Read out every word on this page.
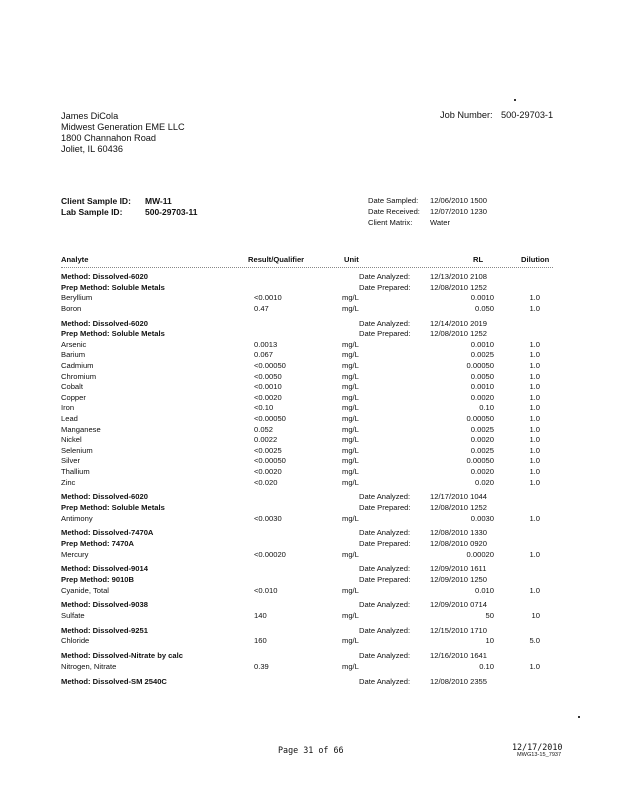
James DiCola
Midwest Generation EME LLC
1800 Channahon Road
Joliet, IL 60436
Job Number: 500-29703-1
Client Sample ID: MW-11
Lab Sample ID:	500-29703-11
Date Sampled: 12/06/2010 1500
Date Received: 12/07/2010 1230
Client Matrix: Water
Analyte	Result/Qualifier	Unit	RL	Dilution
Method: Dissolved-6020	Date Analyzed:	12/13/2010 2108
Prep Method: Soluble Metals	Date Prepared:	12/08/2010 1252
Beryllium	<0.0010	mg/L	0.0010	1.0
Boron	0.47	mg/L	0.050	1.0
Method: Dissolved-6020	Date Analyzed:	12/14/2010 2019
Prep Method: Soluble Metals	Date Prepared:	12/08/2010 1252
Arsenic	0.0013	mg/L	0.0010	1.0
Barium	0.067	mg/L	0.0025	1.0
Cadmium	<0.00050	mg/L	0.00050	1.0
Chromium	<0.0050	mg/L	0.0050	1.0
Cobalt	<0.0010	mg/L	0.0010	1.0
Copper	<0.0020	mg/L	0.0020	1.0
Iron	<0.10	mg/L	0.10	1.0
Lead	<0.00050	mg/L	0.00050	1.0
Manganese	0.052	mg/L	0.0025	1.0
Nickel	0.0022	mg/L	0.0020	1.0
Selenium	<0.0025	mg/L	0.0025	1.0
Silver	<0.00050	mg/L	0.00050	1.0
Thallium	<0.0020	mg/L	0.0020	1.0
Zinc	<0.020	mg/L	0.020	1.0
Method: Dissolved-6020	Date Analyzed:	12/17/2010 1044
Prep Method: Soluble Metals	Date Prepared:	12/08/2010 1252
Antimony	<0.0030	mg/L	0.0030	1.0
Method: Dissolved-7470A	Date Analyzed:	12/08/2010 1330
Prep Method: 7470A	Date Prepared:	12/08/2010 0920
Mercury	<0.00020	mg/L	0.00020	1.0
Method: Dissolved-9014	Date Analyzed:	12/09/2010 1611
Prep Method: 9010B	Date Prepared:	12/09/2010 1250
Cyanide, Total	<0.010	mg/L	0.010	1.0
Method: Dissolved-9038	Date Analyzed:	12/09/2010 0714
Sulfate	140	mg/L	50	10
Method: Dissolved-9251	Date Analyzed:	12/15/2010 1710
Chloride	160	mg/L	10	5.0
Method: Dissolved-Nitrate by calc	Date Analyzed:	12/16/2010 1641
Nitrogen, Nitrate	0.39	mg/L	0.10	1.0
Method: Dissolved-SM 2540C	Date Analyzed:	12/08/2010 2355
Page 31 of 66	12/17/2010
MWG13-15_7937
